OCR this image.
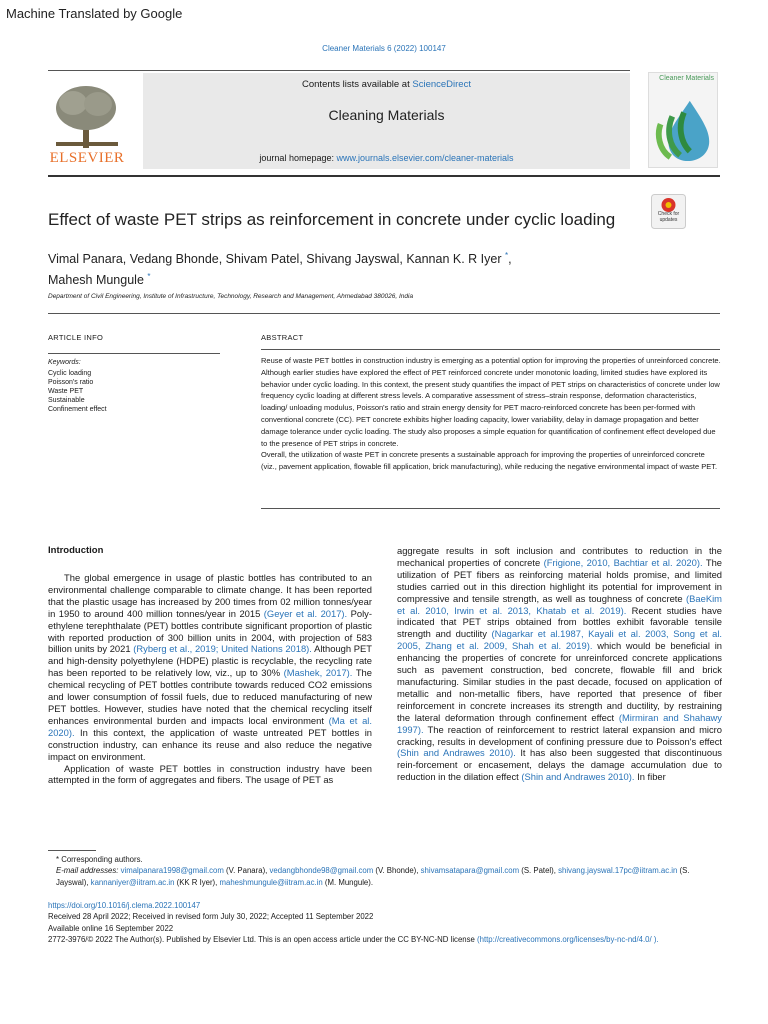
Machine Translated by Google
Cleaner Materials 6 (2022) 100147
ELSEVIER
Contents lists available at ScienceDirect
Cleaning Materials
journal homepage: www.journals.elsevier.com/cleaner-materials
Cleaner Materials
Check for updates
Effect of waste PET strips as reinforcement in concrete under cyclic loading
Vimal Panara, Vedang Bhonde, Shivam Patel, Shivang Jayswal, Kannan K. R Iyer *,
Mahesh Mungule *
Department of Civil Engineering, Institute of Infrastructure, Technology, Research and Management, Ahmedabad 380026, India
ARTICLE INFO
Keywords:
Cyclic loading
Poisson's ratio
Waste PET
Sustainable
Confinement effect
ABSTRACT

Reuse of waste PET bottles in construction industry is emerging as a potential option for improving the properties of unreinforced concrete. Although earlier studies have explored the effect of PET reinforced concrete under monotonic loading, limited studies have explored its behavior under cyclic loading. In this context, the present study quantifies the impact of PET strips on characteristics of concrete under low frequency cyclic loading at different stress levels. A comparative assessment of stress–strain response, deformation characteristics, loading/ unloading modulus, Poisson's ratio and strain energy density for PET macro-reinforced concrete has been per-formed with conventional concrete (CC). PET concrete exhibits higher loading capacity, lower variability, delay in damage propagation and better damage tolerance under cyclic loading. The study also proposes a simple equation for quantification of confinement effect developed due to the presence of PET strips in concrete.

Overall, the utilization of waste PET in concrete presents a sustainable approach for improving the properties of unreinforced concrete (viz., pavement application, flowable fill application, brick manufacturing), while reducing the negative environmental impact of waste PET.

Introduction

The global emergence in usage of plastic bottles has contributed to an environmental challenge comparable to climate change. It has been reported that the plastic usage has increased by 200 times from 02 million tonnes/year in 1950 to around 400 million tonnes/year in 2015 (Geyer et al. 2017). Poly-ethylene terephthalate (PET) bottles contribute significant proportion of plastic with reported production of 300 billion units in 2004, with projection of 583 billion units by 2021 (Ryberg et al., 2019; United Nations 2018). Although PET and high-density polyethylene (HDPE) plastic is recyclable, the recycling rate has been reported to be relatively low, viz., up to 30% (Mashek, 2017). The chemical recycling of PET bottles contribute towards reduced CO2 emissions and lower consumption of fossil fuels, due to reduced manufacturing of new PET bottles. However, studies have noted that the chemical recycling itself enhances environmental burden and impacts local environment (Ma et al. 2020). In this context, the application of waste untreated PET bottles in construction industry, can enhance its reuse and also reduce the negative impact on environment.

Application of waste PET bottles in construction industry have been attempted in the form of aggregates and fibers. The usage of PET as

aggregate results in soft inclusion and contributes to reduction in the mechanical properties of concrete (Frigione, 2010, Bachtiar et al. 2020). The utilization of PET fibers as reinforcing material holds promise, and limited studies carried out in this direction highlight its potential for improvement in compressive and tensile strength, as well as toughness of concrete (BaeKim et al. 2010, Irwin et al. 2013, Khatab et al. 2019). Recent studies have indicated that PET strips obtained from bottles exhibit favorable tensile strength and ductility (Nagarkar et al.1987, Kayali et al. 2003, Song et al. 2005, Zhang et al. 2009, Shah et al. 2019). which would be beneficial in enhancing the properties of concrete for unreinforced concrete applications such as pavement construction, bed concrete, flowable fill and brick manufacturing. Similar studies in the past decade, focused on application of metallic and non-metallic fibers, have reported that presence of fiber reinforcement in concrete increases its strength and ductility, by restraining the lateral deformation through confinement effect (Mirmiran and Shahawy 1997). The reaction of reinforcement to restrict lateral expansion and micro cracking, results in development of confining pressure due to Poisson's effect (Shin and Andrawes 2010). It has also been suggested that discontinuous rein-forcement or encasement, delays the damage accumulation due to reduction in the dilation effect (Shin and Andrawes 2010). In fiber

* Corresponding authors.
E-mail addresses: vimalpanara1998@gmail.com (V. Panara), vedangbhonde98@gmail.com (V. Bhonde), shivamsatapara@gmail.com (S. Patel), shivang.jayswal.17pc@iitram.ac.in (S. Jayswal), kannaniyer@iitram.ac.in (KK R Iyer), maheshmungule@iitram.ac.in (M. Mungule).
https://doi.org/10.1016/j.clema.2022.100147
Received 28 April 2022; Received in revised form July 30, 2022; Accepted 11 September 2022
Available online 16 September 2022
2772-3976/© 2022 The Author(s). Published by Elsevier Ltd. This is an open access article under the CC BY-NC-ND license (http://creativecommons.org/licenses/by-nc-nd/4.0/ ).
